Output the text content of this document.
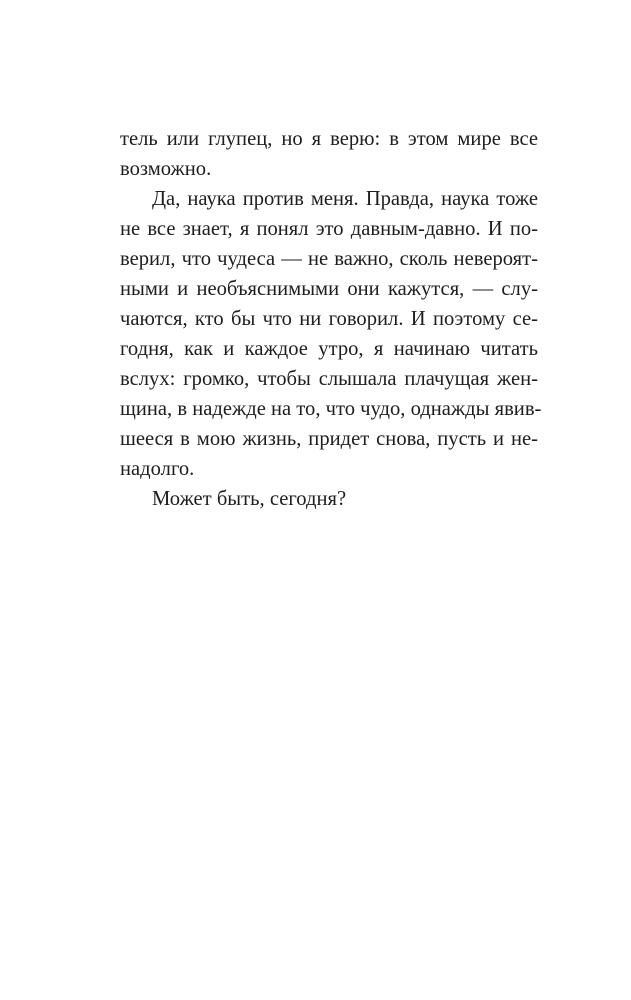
тель или глупец, но я верю: в этом мире все
возможно.
Да, наука против меня. Правда, наука тоже
не все знает, я понял это давным-давно. И по-
верил, что чудеса — не важно, сколь невероят-
ными и необъяснимыми они кажутся, — слу-
чаются, кто бы что ни говорил. И поэтому се-
годня, как и каждое утро, я начинаю читать
вслух: громко, чтобы слышала плачущая жен-
щина, в надежде на то, что чудо, однажды явив-
шееся в мою жизнь, придет снова, пусть и не-
надолго.
Может быть, сегодня?
